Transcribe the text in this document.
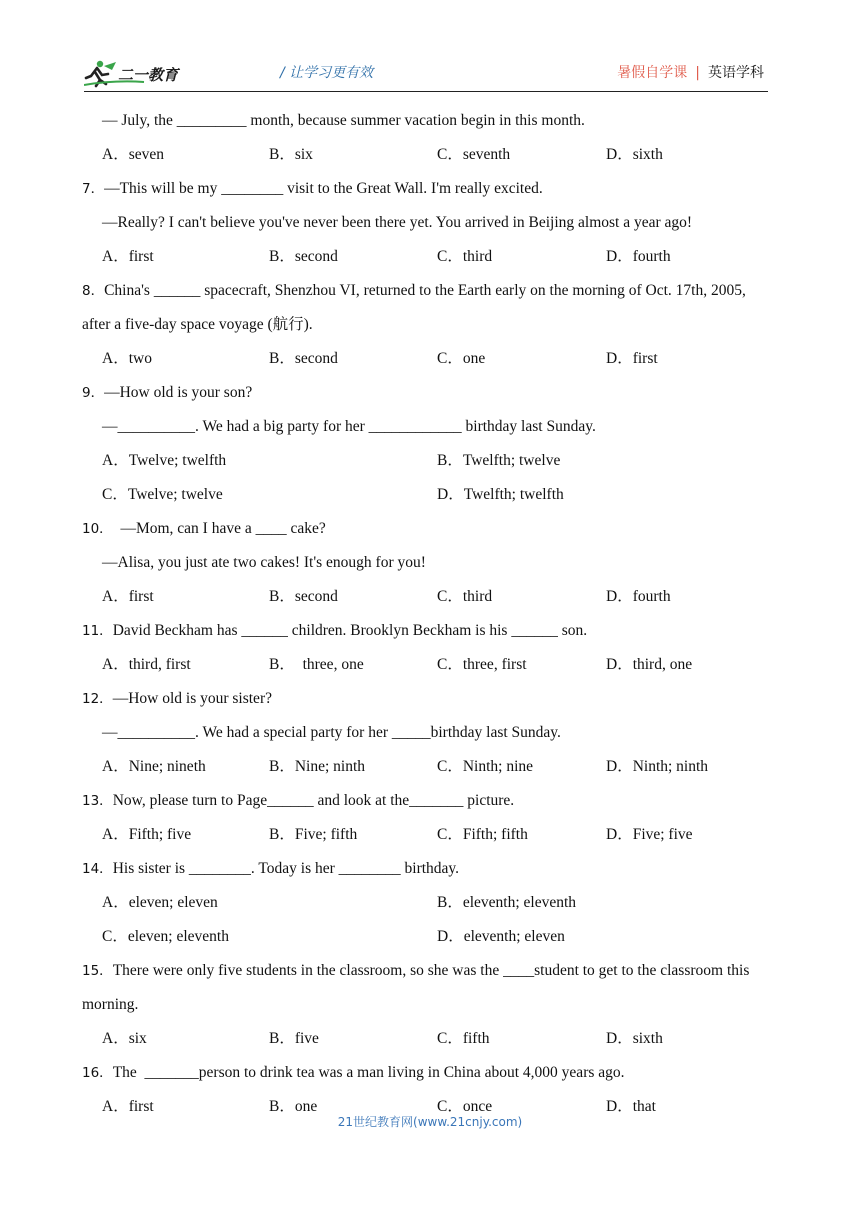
二一教育	/ 让学习更有效	暑假自学课 | 英语学科
— July, the _________ month, because summer vacation begin in this month.
A．seven	B．six	C．seventh	D．sixth
7．—This will be my ________ visit to the Great Wall. I'm really excited.
—Really? I can't believe you've never been there yet. You arrived in Beijing almost a year ago!
A．first	B．second	C．third	D．fourth
8．China's ______ spacecraft, Shenzhou VI, returned to the Earth early on the morning of Oct. 17th, 2005,
after a five-day space voyage (航行).
A．two	B．second	C．one	D．first
9．—How old is your son?
—__________. We had a big party for her ____________ birthday last Sunday.
A．Twelve; twelfth	B．Twelfth; twelve
C．Twelve; twelve	D．Twelfth; twelfth
10．  —Mom, can I have a ____ cake?
—Alisa, you just ate two cakes! It's enough for you!
A．first	B．second	C．third	D．fourth
11．David Beckham has ______ children. Brooklyn Beckham is his ______ son.

A．third, first

	B．  three, one

	C．three, first

	D．third, one

12．—How old is your sister?
—__________. We had a special party for her _____birthday last Sunday.
A．Nine; nineth	B．Nine; ninth	C．Ninth; nine	D．Ninth; ninth
13．Now, please turn to Page______ and look at the_______ picture.
A．Fifth; five	B．Five; fifth	C．Fifth; fifth	D．Five; five
14．His sister is ________. Today is her ________ birthday.
A．eleven; eleven	B．eleventh; eleventh
C．eleven; eleventh	D．eleventh; eleven
15．There were only five students in the classroom, so she was the ____student to get to the classroom this
morning.
A．six	B．five	C．fifth	D．sixth
16．The  _______person to drink tea was a man living in China about 4,000 years ago.
A．first	B．one	C．once	D．that
21世纪教育网(www.21cnjy.com)
